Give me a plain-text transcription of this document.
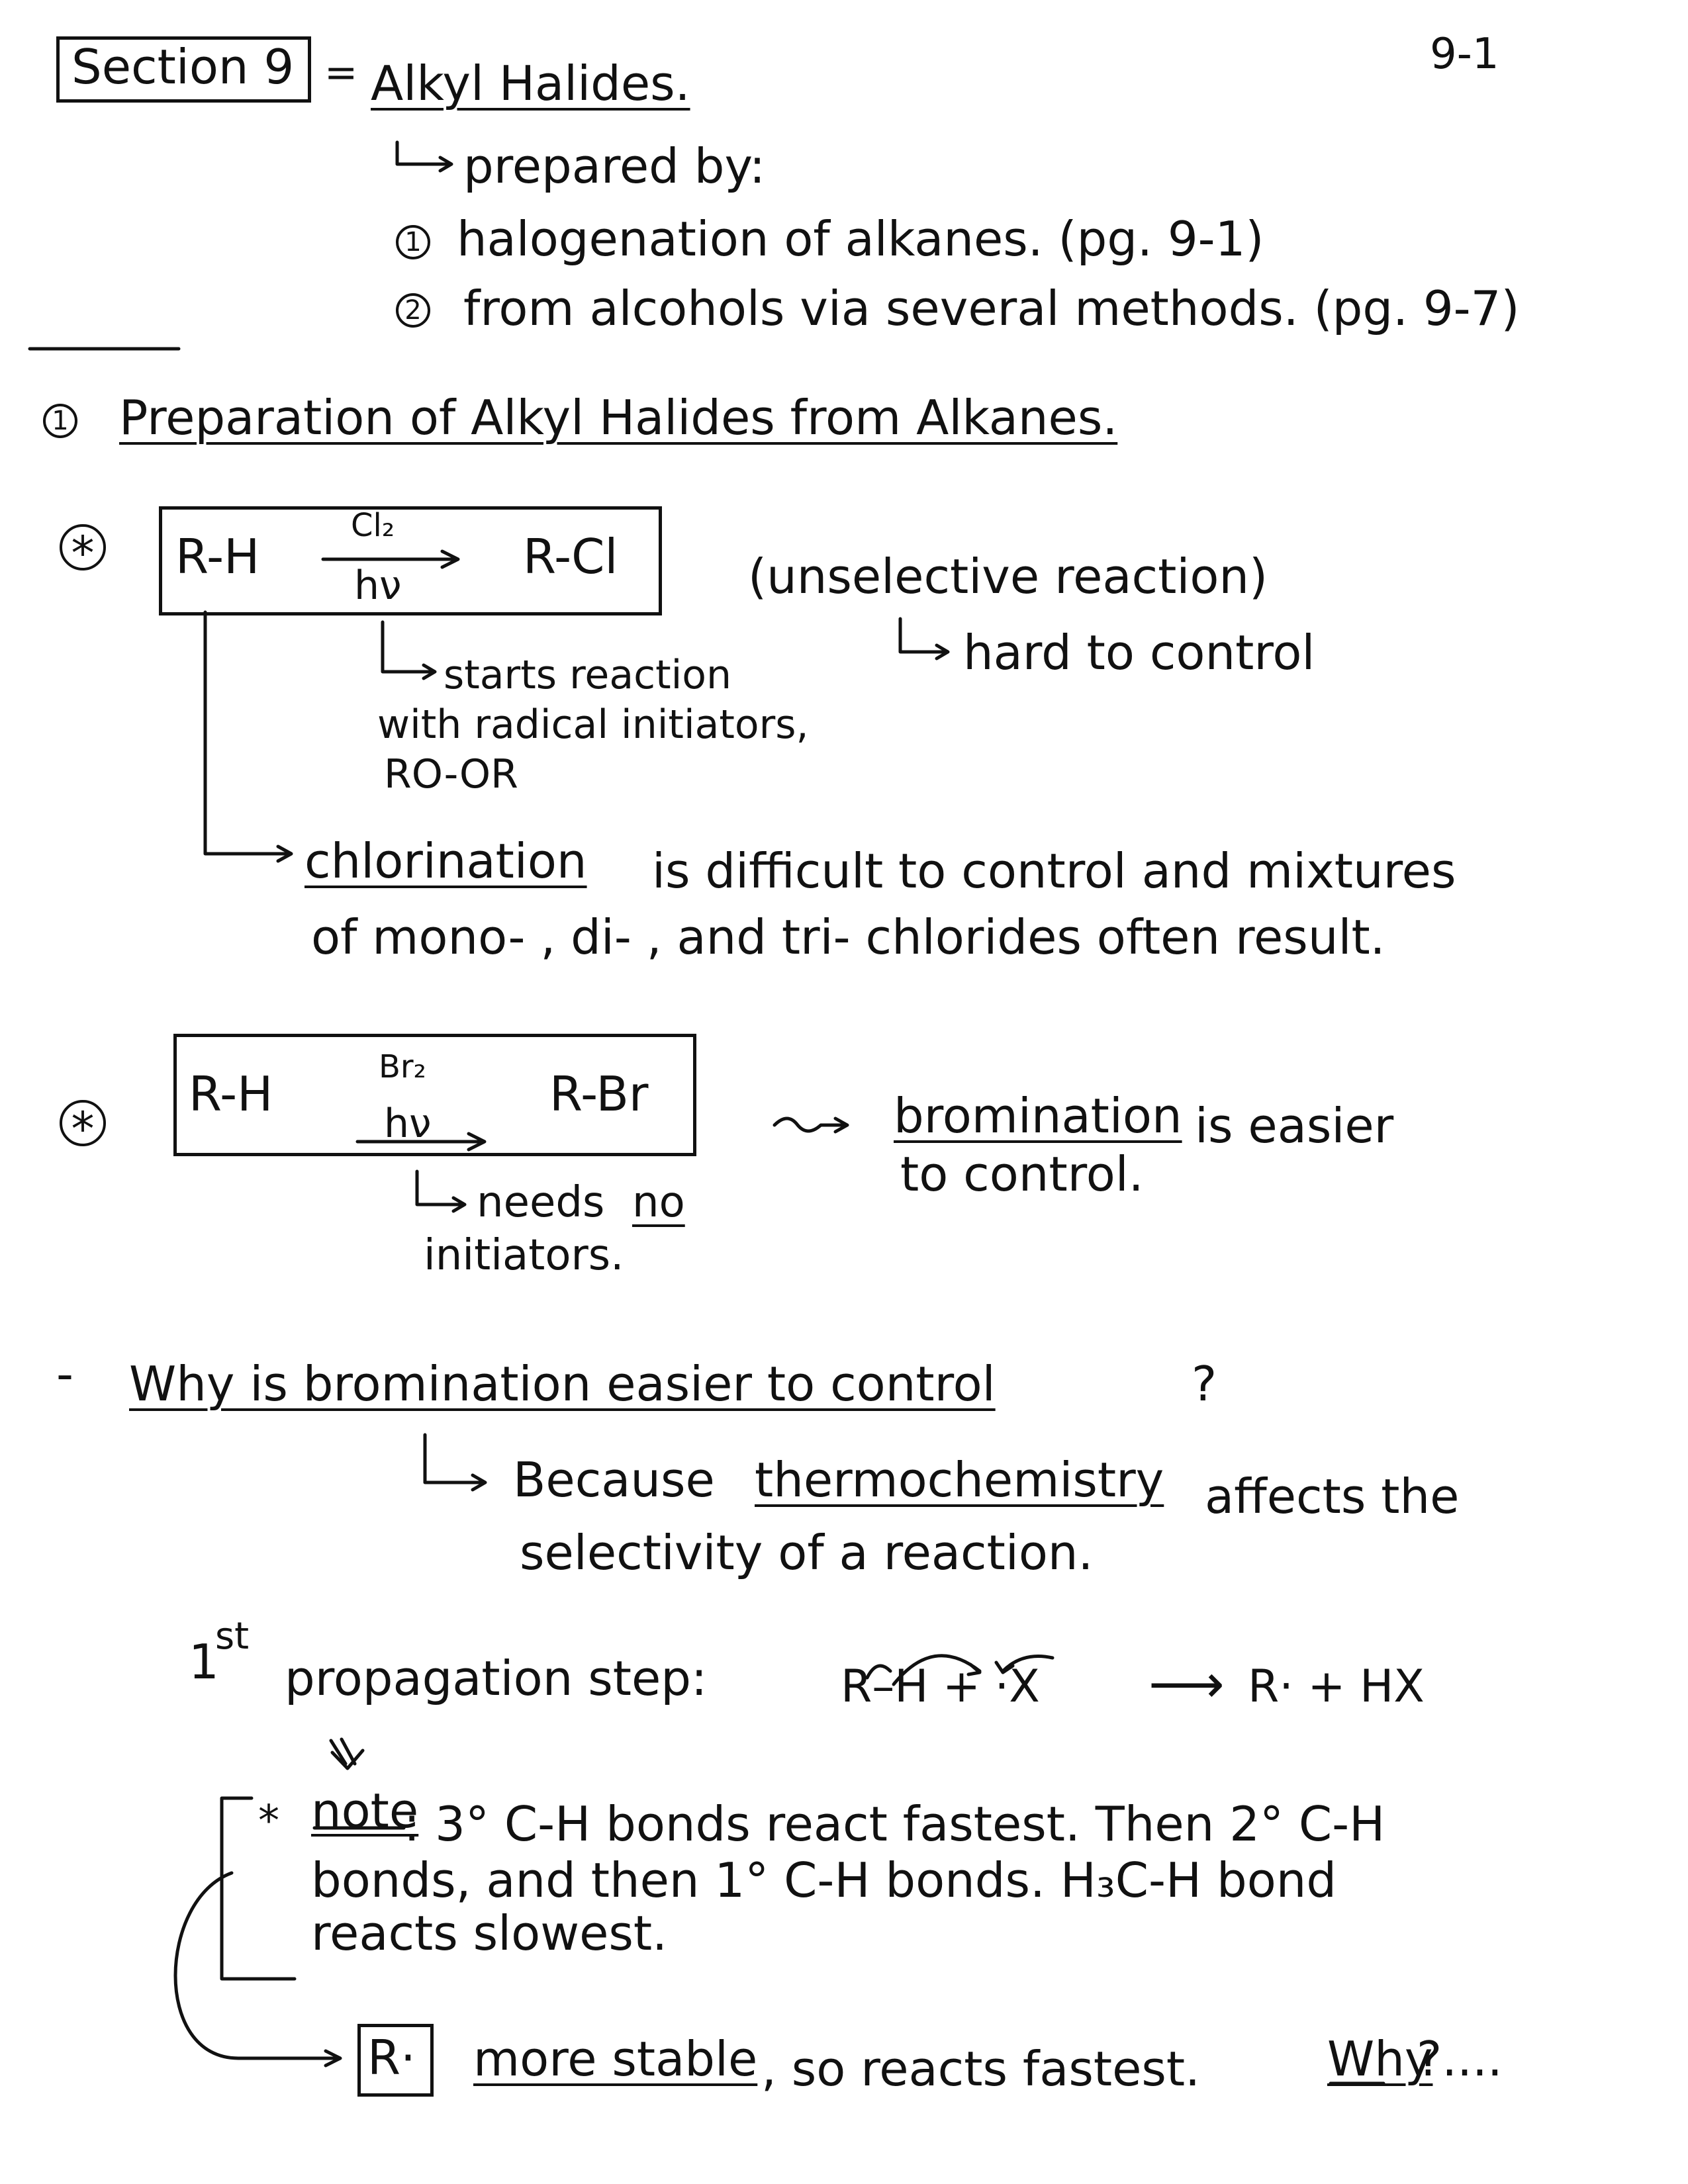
Section 9 = Alkyl Halides.
9-1
prepared by:
1 halogenation of alkanes. (pg. 9-1)
2 from alcohols via several methods. (pg. 9-7)
1 Preparation of Alkyl Halides from Alkanes.
* R-H
Cl₂
hν
R-Cl	(unselective reaction)
hard to control
starts reaction
with radical initiators,
RO-OR
chlorination is difficult to control and mixtures
of mono- , di- , and tri- chlorides often result.
*
R-H	Br₂
hν
R-Br	bromination is easier
to control.
needs no
initiators.
- Why is bromination easier to control	?
Because thermochemistry affects the
selectivity of a reaction.
1
st
propagation step:	R–H + ·X ⟶ R· + HX
* note
: 3° C-H bonds react fastest. Then 2° C-H
bonds, and then 1° C-H bonds. H₃C-H bond
reacts slowest.
R· more stable , so reacts fastest.	Why
?....
